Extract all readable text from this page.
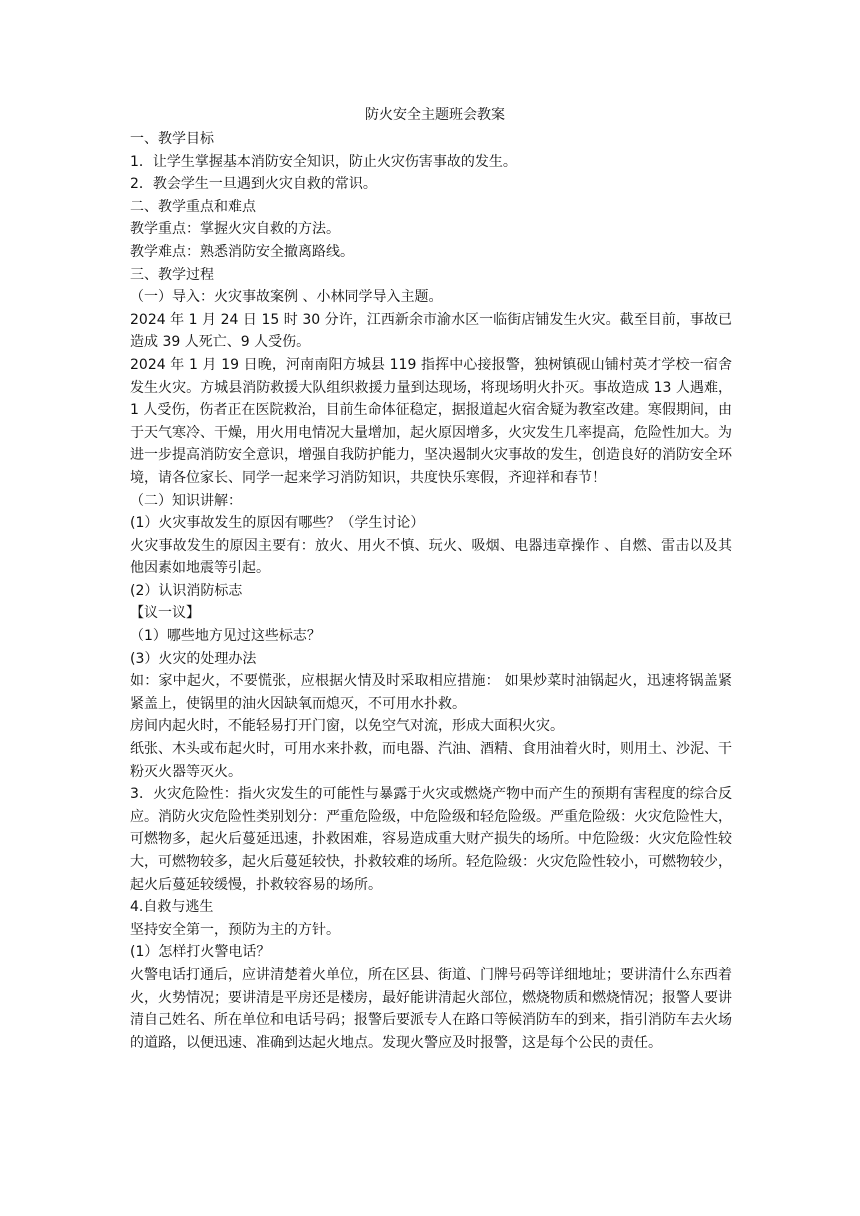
防火安全主题班会教案
一、教学目标
1．让学生掌握基本消防安全知识，防止火灾伤害事故的发生。
2．教会学生一旦遇到火灾自救的常识。
二、教学重点和难点
教学重点：掌握火灾自救的方法。
教学难点：熟悉消防安全撤离路线。
三、教学过程
（一）导入：火灾事故案例 、小林同学导入主题。
2024 年 1 月 24 日 15 时 30 分许，江西新余市渝水区一临街店铺发生火灾。截至目前，事故已造成 39 人死亡、9 人受伤。
2024 年 1 月 19 日晚，河南南阳方城县 119 指挥中心接报警，独树镇砚山铺村英才学校一宿舍发生火灾。方城县消防救援大队组织救援力量到达现场，将现场明火扑灭。事故造成 13 人遇难，1 人受伤，伤者正在医院救治，目前生命体征稳定，据报道起火宿舍疑为教室改建。寒假期间，由于天气寒冷、干燥，用火用电情况大量增加，起火原因增多，火灾发生几率提高，危险性加大。为进一步提高消防安全意识，增强自我防护能力，坚决遏制火灾事故的发生，创造良好的消防安全环境，请各位家长、同学一起来学习消防知识，共度快乐寒假，齐迎祥和春节！
（二）知识讲解：
(1）火灾事故发生的原因有哪些？（学生讨论）
火灾事故发生的原因主要有：放火、用火不慎、玩火、吸烟、电器违章操作 、自燃、雷击以及其他因素如地震等引起。
(2）认识消防标志
【议一议】
（1）哪些地方见过这些标志？
(3）火灾的处理办法
如：家中起火，不要慌张，应根据火情及时采取相应措施： 如果炒菜时油锅起火，迅速将锅盖紧紧盖上，使锅里的油火因缺氧而熄灭，不可用水扑救。
房间内起火时，不能轻易打开门窗，以免空气对流，形成大面积火灾。
纸张、木头或布起火时，可用水来扑救，而电器、汽油、酒精、食用油着火时，则用土、沙泥、干粉灭火器等灭火。
3．火灾危险性：指火灾发生的可能性与暴露于火灾或燃烧产物中而产生的预期有害程度的综合反应。消防火灾危险性类别划分：严重危险级，中危险级和轻危险级。严重危险级：火灾危险性大，可燃物多，起火后蔓延迅速，扑救困难，容易造成重大财产损失的场所。中危险级：火灾危险性较大，可燃物较多，起火后蔓延较快，扑救较难的场所。轻危险级：火灾危险性较小，可燃物较少，起火后蔓延较缓慢，扑救较容易的场所。
4.自救与逃生
坚持安全第一，预防为主的方针。
(1）怎样打火警电话？
火警电话打通后，应讲清楚着火单位，所在区县、街道、门牌号码等详细地址；要讲清什么东西着火，火势情况；要讲清是平房还是楼房，最好能讲清起火部位，燃烧物质和燃烧情况；报警人要讲清自己姓名、所在单位和电话号码；报警后要派专人在路口等候消防车的到来，指引消防车去火场的道路，以便迅速、准确到达起火地点。发现火警应及时报警，这是每个公民的责任。
